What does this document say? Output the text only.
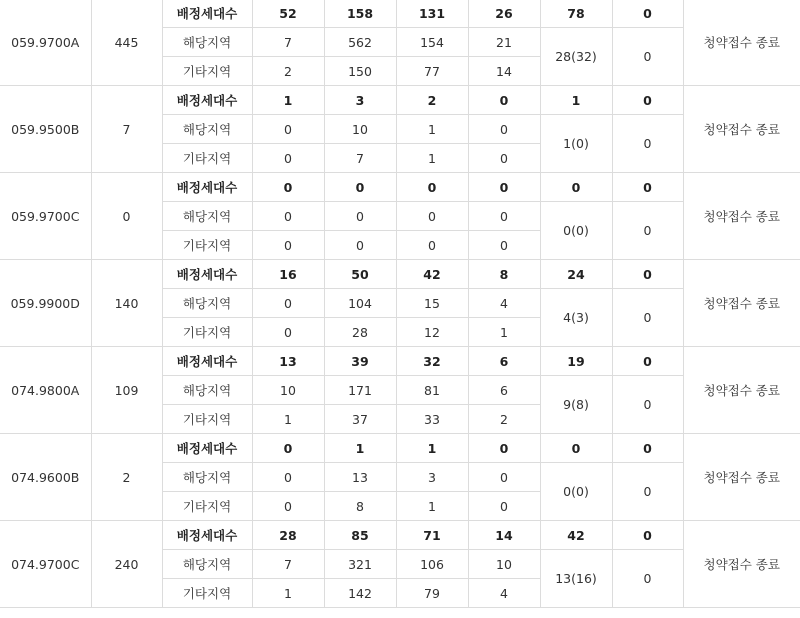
059.9700A	445	배정세대수	52	158	131	26	78	0	청약접수 종료
		해당지역	7	562	154	21	28(32)	0	
		기타지역	2	150	77	14			
059.9500B	7	배정세대수	1	3	2	0	1	0	청약접수 종료
		해당지역	0	10	1	0	1(0)	0	
		기타지역	0	7	1	0			
059.9700C	0	배정세대수	0	0	0	0	0	0	청약접수 종료
		해당지역	0	0	0	0	0(0)	0	
		기타지역	0	0	0	0			
059.9900D	140	배정세대수	16	50	42	8	24	0	청약접수 종료
		해당지역	0	104	15	4	4(3)	0	
		기타지역	0	28	12	1			
074.9800A	109	배정세대수	13	39	32	6	19	0	청약접수 종료
		해당지역	10	171	81	6	9(8)	0	
		기타지역	1	37	33	2			
074.9600B	2	배정세대수	0	1	1	0	0	0	청약접수 종료
		해당지역	0	13	3	0	0(0)	0	
		기타지역	0	8	1	0			
074.9700C	240	배정세대수	28	85	71	14	42	0	청약접수 종료
		해당지역	7	321	106	10	13(16)	0	
		기타지역	1	142	79	4			
